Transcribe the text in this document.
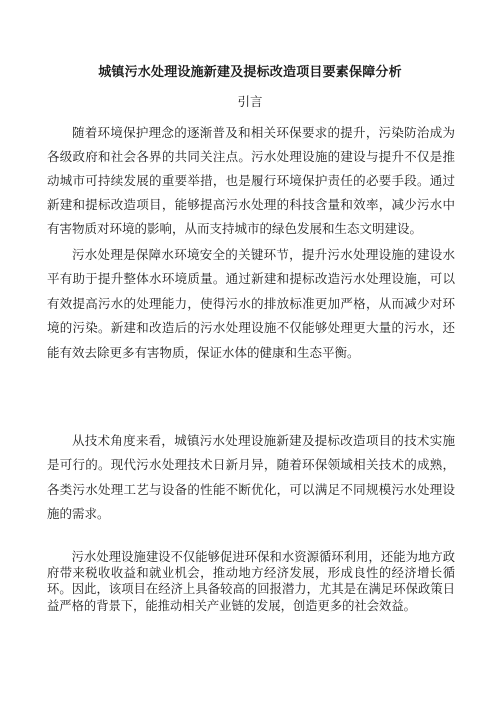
城镇污水处理设施新建及提标改造项目要素保障分析
引言

随着环境保护理念的逐渐普及和相关环保要求的提升，污染防治成为各级政府和社会各界的共同关注点。污水处理设施的建设与提升不仅是推动城市可持续发展的重要举措，也是履行环境保护责任的必要手段。通过新建和提标改造项目，能够提高污水处理的科技含量和效率，减少污水中有害物质对环境的影响，从而支持城市的绿色发展和生态文明建设。

污水处理是保障水环境安全的关键环节，提升污水处理设施的建设水平有助于提升整体水环境质量。通过新建和提标改造污水处理设施，可以有效提高污水的处理能力，使得污水的排放标准更加严格，从而减少对环境的污染。新建和改造后的污水处理设施不仅能够处理更大量的污水，还能有效去除更多有害物质，保证水体的健康和生态平衡。

从技术角度来看，城镇污水处理设施新建及提标改造项目的技术实施是可行的。现代污水处理技术日新月异，随着环保领域相关技术的成熟，各类污水处理工艺与设备的性能不断优化，可以满足不同规模污水处理设施的需求。

污水处理设施建设不仅能够促进环保和水资源循环利用，还能为地方政府带来税收收益和就业机会，推动地方经济发展，形成良性的经济增长循环。因此，该项目在经济上具备较高的回报潜力，尤其是在满足环保政策日益严格的背景下，能推动相关产业链的发展，创造更多的社会效益。
